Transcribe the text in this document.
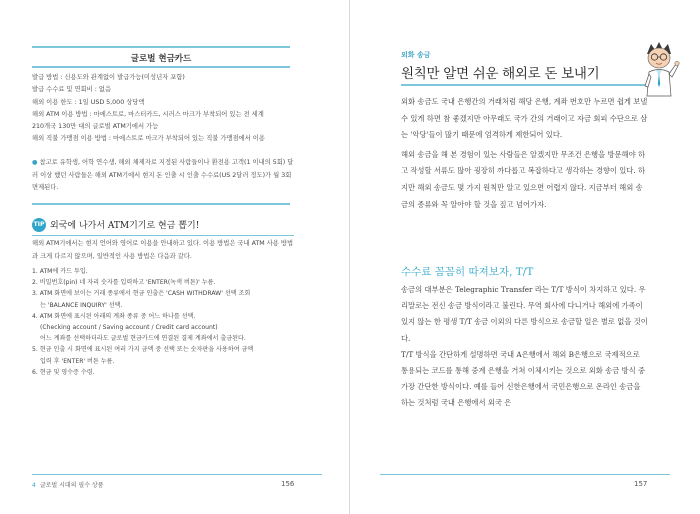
글로벌 현금카드
발급 방법 : 신용도와 관계없이 발급가능(미성년자 포함)
발급 수수료 및 연회비 : 없음
해외 이용 한도 : 1일 USD 5,000 상당액
해외 ATM 이용 방법 : 마에스트로, 마스터카드, 시러스 마크가 부착되어 있는 전 세계
210개국 130만 대의 글로벌 ATM기에서 가능
해외 직불 가맹점 이용 방법 : 마에스트로 마크가 부착되어 있는 직불 가맹점에서 이용
● 참고로 유학생, 어학 연수생, 해외 체제자로 지정된 사람들이나 환전용 고객(1 이내의 5회) 달러 이상 했던 사람들은 해외 ATM기에서 현지 돈 인출 시 인출 수수료(US 2달러 정도)가 월 3회 면제된다.
TIP 외국에 나가서 ATM기기로 현금 뽑기!
해외 ATM기에서는 현지 언어와 영어로 이용을 안내하고 있다. 이용 방법은 국내 ATM 사용 방법과 크게 다르지 않으며, 일반적인 사용 방법은 다음과 같다.
1. ATM에 카드 투입.
2. 비밀번호(pin) 네 자리 숫자를 입력하고 'ENTER(녹색 버튼)' 누름.
3. ATM 화면에 보이는 거래 종류에서 현금 인출은 'CASH WITHDRAW' 선택 조회
는 'BALANCE INQUIRY' 선택.
4. ATM 화면에 표시된 아래의 계좌 종류 중 어느 하나를 선택.
(Checking account / Saving account / Credit card account)
어느 계좌를 선택하더라도 글로벌 현금카드에 연결된 결제 계좌에서 출금된다.
5. 현금 인출 시 화면에 표시된 여러 가지 금액 중 선택 또는 숫자판을 사용하여 금액
입력 후 'ENTER' 버튼 누름.
6. 현금 및 영수증 수령.
4 글로벌 시대의 필수 상품	156
외화 송금
원칙만 알면 쉬운 해외로 돈 보내기

외화 송금도 국내 은행간의 거래처럼 해당 은행, 계좌 번호만 누르면 쉽게 보낼 수 있게 하면 참 좋겠지만 아무래도 국가 간의 거래이고 자금 회피 수단으로 삼는 '악당'들이 많기 때문에 엄격하게 제한되어 있다.

해외 송금을 해 본 경험이 있는 사람들은 알겠지만 무조건 은행을 방문해야 하고 작성할 서류도 많아 굉장히 까다롭고 복잡하다고 생각하는 경향이 있다. 하지만 해외 송금도 몇 가지 원칙만 알고 있으면 어렵지 않다. 지금부터 해외 송금의 종류와 꼭 알아야 할 것을 짚고 넘어가자.

수수료 꼼꼼히 따져보자, T/T

송금의 대부분은 Telegraphic Transfer 라는 T/T 방식이 차지하고 있다. 우리말로는 전신 송금 방식이라고 불린다. 무역 회사에 다니거나 해외에 가족이 있지 않는 한 평생 T/T 송금 이외의 다른 방식으로 송금할 일은 별로 없을 것이다.

T/T 방식을 간단하게 설명하면 국내 A은행에서 해외 B은행으로 국제적으로 통용되는 코드를 통해 중계 은행을 거쳐 이체시키는 것으로 외화 송금 방식 중 가장 간단한 방식이다. 예를 들어 신한은행에서 국민은행으로 온라인 송금을 하는 것처럼 국내 은행에서 외국 은

157
